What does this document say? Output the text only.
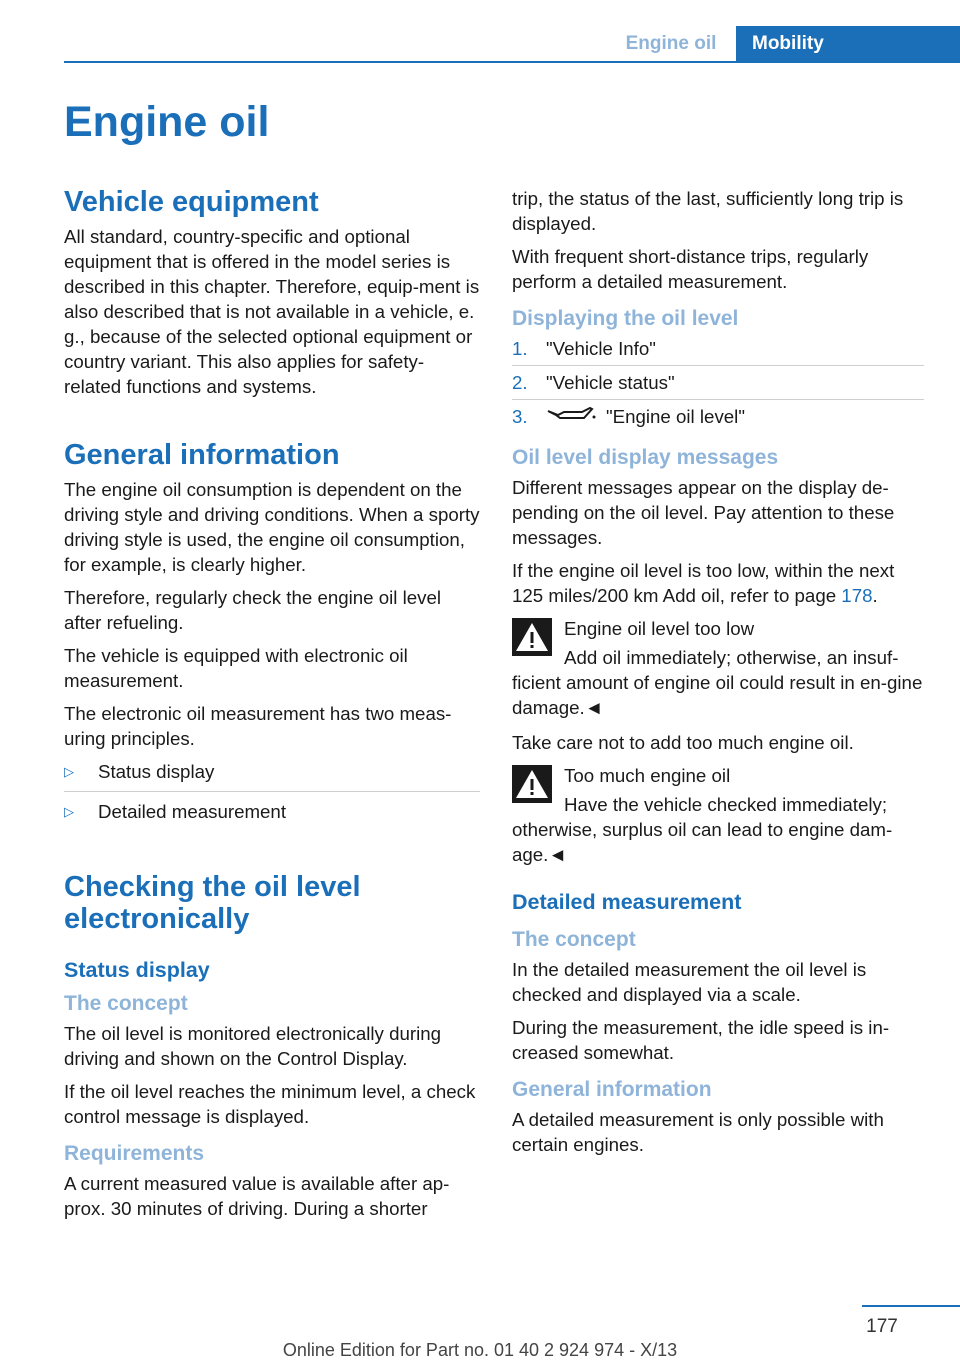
Engine oil	Mobility
Engine oil
Vehicle equipment

All standard, country-specific and optional equipment that is offered in the model series is described in this chapter. Therefore, equip-ment is also described that is not available in a vehicle, e. g., because of the selected optional equipment or country variant. This also applies for safety-related functions and systems.

General information

The engine oil consumption is dependent on the driving style and driving conditions. When a sporty driving style is used, the engine oil consumption, for example, is clearly higher.

Therefore, regularly check the engine oil level after refueling.

The vehicle is equipped with electronic oil measurement.

The electronic oil measurement has two meas-uring principles.

▷ Status display
▷ Detailed measurement
Checking the oil level electronically
Status display
The concept

The oil level is monitored electronically during driving and shown on the Control Display.

If the oil level reaches the minimum level, a check control message is displayed.

Requirements

A current measured value is available after ap-prox. 30 minutes of driving. During a shorter

trip, the status of the last, sufficiently long trip is displayed.

With frequent short-distance trips, regularly perform a detailed measurement.

Displaying the oil level
1. "Vehicle Info"
2. "Vehicle status"
3.	"Engine oil level"
Oil level display messages

Different messages appear on the display de-pending on the oil level. Pay attention to these messages.

If the engine oil level is too low, within the next 125 miles/200 km Add oil, refer to page 178.

Engine oil level too low

Add oil immediately; otherwise, an insuf-ficient amount of engine oil could result in en-gine damage.◄

Take care not to add too much engine oil.

Too much engine oil

Have the vehicle checked immediately; otherwise, surplus oil can lead to engine dam-age.◄

Detailed measurement
The concept

In the detailed measurement the oil level is checked and displayed via a scale.

During the measurement, the idle speed is in-creased somewhat.

General information

A detailed measurement is only possible with certain engines.

177
Online Edition for Part no. 01 40 2 924 974 - X/13
